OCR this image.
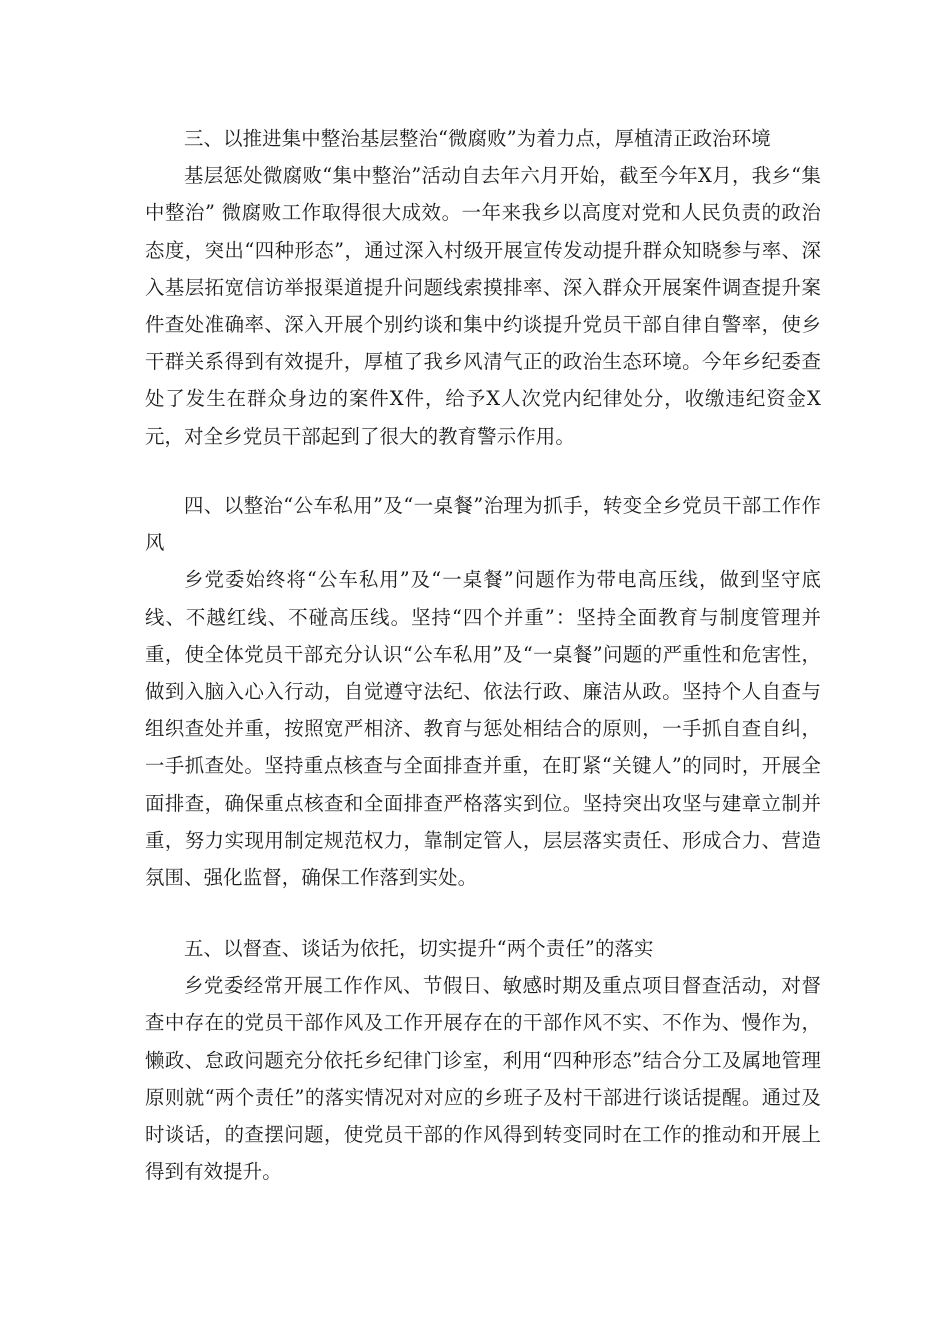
三、以推进集中整治基层整治“微腐败”为着力点，厚植清正政治环境

基层惩处微腐败“集中整治”活动自去年六月开始，截至今年Ⅹ月，我乡“集中整治” 微腐败工作取得很大成效。一年来我乡以高度对党和人民负责的政治态度，突出“四种形态”，通过深入村级开展宣传发动提升群众知晓参与率、深入基层拓宽信访举报渠道提升问题线索摸排率、深入群众开展案件调查提升案件查处准确率、深入开展个别约谈和集中约谈提升党员干部自律自警率，使乡干群关系得到有效提升，厚植了我乡风清气正的政治生态环境。今年乡纪委查处了发生在群众身边的案件Ⅹ件，给予Ⅹ人次党内纪律处分，收缴违纪资金Ⅹ元，对全乡党员干部起到了很大的教育警示作用。

四、以整治“公车私用”及“一桌餐”治理为抓手，转变全乡党员干部工作作风

乡党委始终将“公车私用”及“一桌餐”问题作为带电高压线，做到坚守底线、不越红线、不碰高压线。坚持“四个并重”：坚持全面教育与制度管理并重，使全体党员干部充分认识“公车私用”及“一桌餐”问题的严重性和危害性，做到入脑入心入行动，自觉遵守法纪、依法行政、廉洁从政。坚持个人自查与组织查处并重，按照宽严相济、教育与惩处相结合的原则，一手抓自查自纠，一手抓查处。坚持重点核查与全面排查并重，在盯紧“关键人”的同时，开展全面排查，确保重点核查和全面排查严格落实到位。坚持突出攻坚与建章立制并重，努力实现用制定规范权力，靠制定管人，层层落实责任、形成合力、营造氛围、强化监督，确保工作落到实处。

五、以督查、谈话为依托，切实提升“两个责任”的落实

乡党委经常开展工作作风、节假日、敏感时期及重点项目督查活动，对督查中存在的党员干部作风及工作开展存在的干部作风不实、不作为、慢作为，懒政、怠政问题充分依托乡纪律门诊室，利用“四种形态”结合分工及属地管理原则就“两个责任”的落实情况对对应的乡班子及村干部进行谈话提醒。通过及时谈话，的查摆问题，使党员干部的作风得到转变同时在工作的推动和开展上得到有效提升。
